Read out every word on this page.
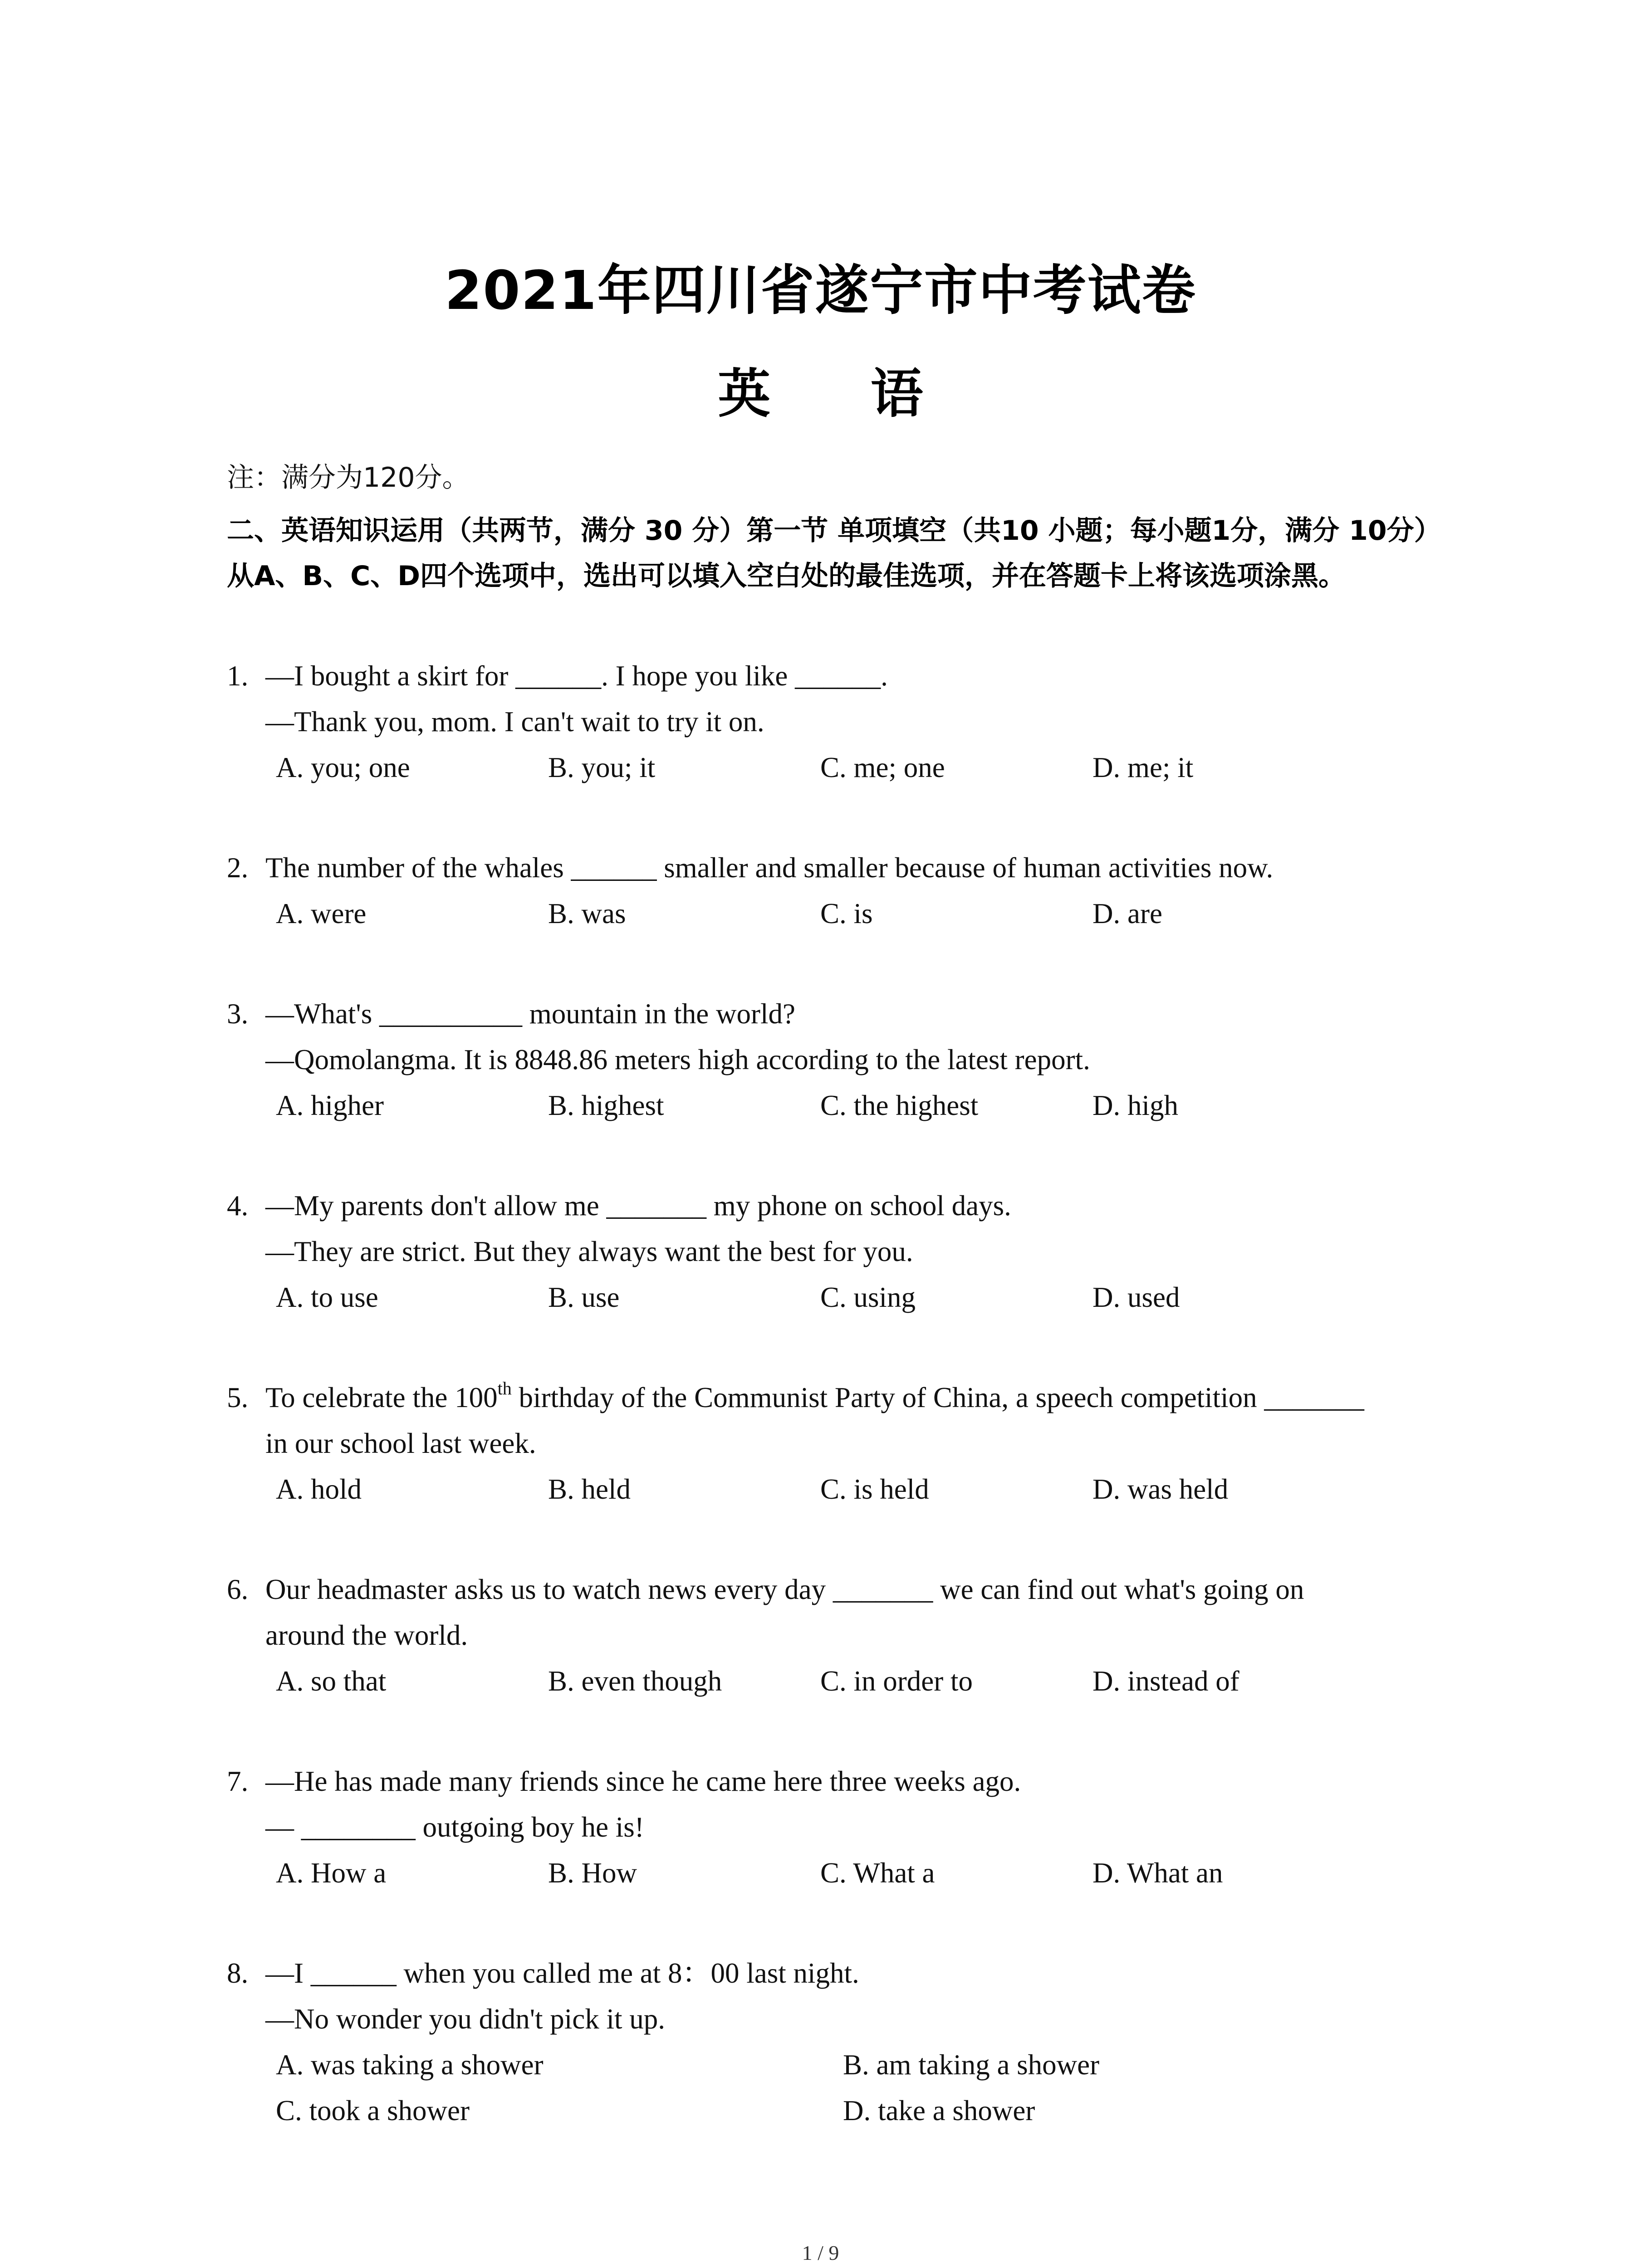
2021年四川省遂宁市中考试卷
英 语
注：满分为120分。
二、英语知识运用（共两节，满分 30 分）第一节 单项填空（共10 小题；每小题1分，满分 10分）从A、B、C、D四个选项中，选出可以填入空白处的最佳选项，并在答题卡上将该选项涂黑。
1. —I bought a skirt for ______. I hope you like ______.
—Thank you, mom. I can't wait to try it on.
A. you; one	B. you; it	C. me; one	D. me; it
2. The number of the whales ______ smaller and smaller because of human activities now.
A. were	B. was	C. is	D. are
3. —What's __________ mountain in the world?
—Qomolangma. It is 8848.86 meters high according to the latest report.
A. higher	B. highest	C. the highest	D. high
4. —My parents don't allow me _______ my phone on school days.
—They are strict. But they always want the best for you.
A. to use	B. use	C. using	D. used
5. To celebrate the 100th birthday of the Communist Party of China, a speech competition _______
in our school last week.
A. hold	B. held	C. is held	D. was held
6. Our headmaster asks us to watch news every day _______ we can find out what's going on
around the world.
A. so that	B. even though	C. in order to	D. instead of
7. —He has made many friends since he came here three weeks ago.
— ________ outgoing boy he is!
A. How a	B. How	C. What a	D. What an
8. —I ______ when you called me at 8：00 last night.
—No wonder you didn't pick it up.
A. was taking a shower	B. am taking a shower
C. took a shower	D. take a shower
1 / 9
